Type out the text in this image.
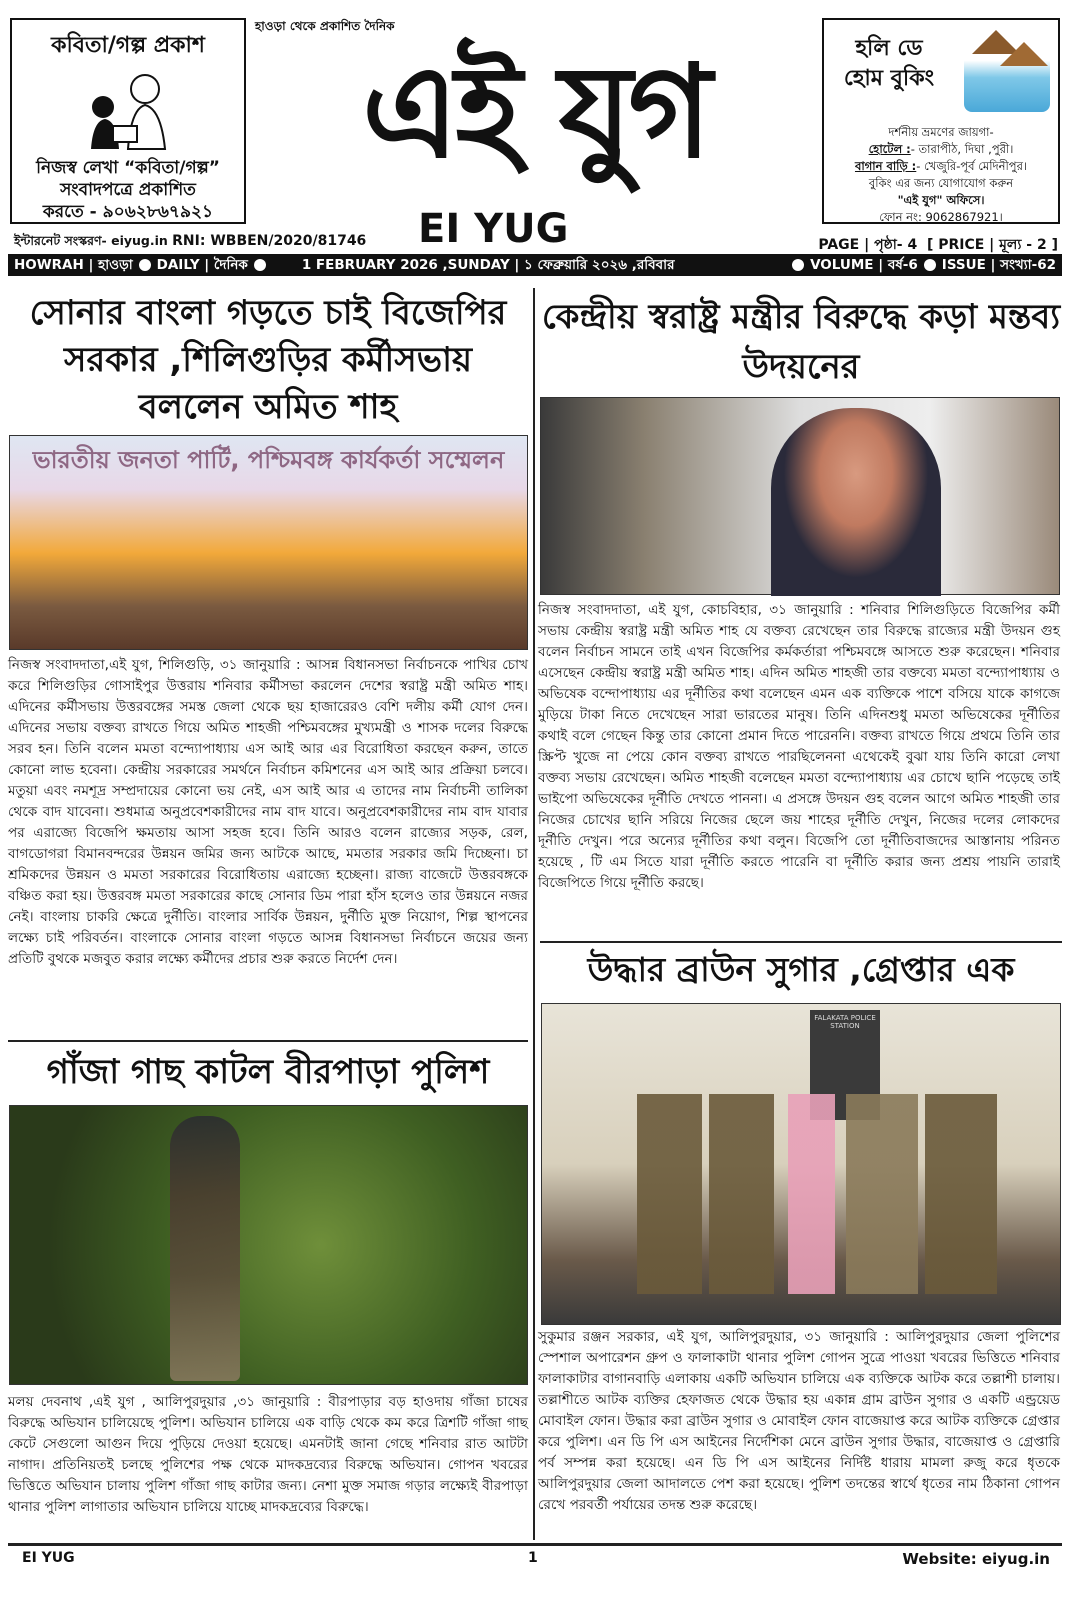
কবিতা/গল্প প্রকাশ
নিজস্ব লেখা “কবিতা/গল্প”
সংবাদপত্রে প্রকাশিত
করতে - ৯০৬২৮৬৭৯২১
হাওড়া থেকে প্রকাশিত দৈনিক
এই যুগ
EI YUG
হলি ডে
হোম বুকিং
দর্শনীয় ভ্রমণের জায়গা-
হোটেল :- তারাপীঠ, দিঘা ,পুরী।
বাগান বাড়ি :- খেজুরি-পূর্ব মেদিনীপুর।
বুকিং এর জন্য যোগাযোগ করুন
"এই যুগ" অফিসে।
ফোন নং: 9062867921।
ইন্টারনেট সংস্করণ- eiyug.in RNI: WBBEN/2020/81746	PAGE | পৃষ্ঠা- 4 [ PRICE | মূল্য - 2 ]
HOWRAH | হাওড়া DAILY | দৈনিক	1 FEBRUARY 2026 ,SUNDAY | ১ ফেব্রুয়ারি ২০২৬ ,রবিবার	VOLUME | বর্ষ-6 ISSUE | সংখ্যা-62
সোনার বাংলা গড়তে চাই বিজেপির সরকার ,শিলিগুড়ির কর্মীসভায় বললেন অমিত শাহ
ভারতীয় জনতা পার্টি, পশ্চিমবঙ্গ কার্যকর্তা সম্মেলন
নিজস্ব সংবাদদাতা,এই যুগ, শিলিগুড়ি, ৩১ জানুয়ারি : আসন্ন বিধানসভা নির্বাচনকে পাখির চোখ করে শিলিগুড়ির গোসাইপুর উত্তরায় শনিবার কর্মীসভা করলেন দেশের স্বরাষ্ট্র মন্ত্রী অমিত শাহ। এদিনের কর্মীসভায় উত্তরবঙ্গের সমস্ত জেলা থেকে ছয় হাজারেরও বেশি দলীয় কর্মী যোগ দেন। এদিনের সভায় বক্তব্য রাখতে গিয়ে অমিত শাহজী পশ্চিমবঙ্গের মুখ্যমন্ত্রী ও শাসক দলের বিরুদ্ধে সরব হন। তিনি বলেন মমতা বন্দ্যোপাধ্যায় এস আই আর এর বিরোধিতা করছেন করুন, তাতে কোনো লাভ হবেনা। কেন্দ্রীয় সরকারের সমর্থনে নির্বাচন কমিশনের এস আই আর প্রক্রিয়া চলবে। মতুয়া এবং নমশূদ্র সম্প্রদায়ের কোনো ভয় নেই, এস আই আর এ তাদের নাম নির্বাচনী তালিকা থেকে বাদ যাবেনা। শুধমাত্র অনুপ্রবেশকারীদের নাম বাদ যাবে। অনুপ্রবেশকারীদের নাম বাদ যাবার পর এরাজ্যে বিজেপি ক্ষমতায় আসা সহজ হবে। তিনি আরও বলেন রাজ্যের সড়ক, রেল, বাগডোগরা বিমানবন্দরের উন্নয়ন জমির জন্য আটকে আছে, মমতার সরকার জমি দিচ্ছেনা। চা শ্রমিকদের উন্নয়ন ও মমতা সরকারের বিরোধিতায় এরাজ্যে হচ্ছেনা। রাজ্য বাজেটে উত্তরবঙ্গকে বঞ্চিত করা হয়। উত্তরবঙ্গ মমতা সরকারের কাছে সোনার ডিম পারা হাঁস হলেও তার উন্নয়নে নজর নেই। বাংলায় চাকরি ক্ষেত্রে দুর্নীতি। বাংলার সার্বিক উন্নয়ন, দুর্নীতি মুক্ত নিয়োগ, শিল্প স্থাপনের লক্ষ্যে চাই পরিবর্তন। বাংলাকে সোনার বাংলা গড়তে আসন্ন বিধানসভা নির্বাচনে জয়ের জন্য প্রতিটি বুথকে মজবুত করার লক্ষ্যে কর্মীদের প্রচার শুরু করতে নির্দেশ দেন।
গাঁজা গাছ কাটল বীরপাড়া পুলিশ
মলয় দেবনাথ ,এই যুগ , আলিপুরদুয়ার ,৩১ জানুয়ারি : বীরপাড়ার বড় হাওদায় গাঁজা চাষের বিরুদ্ধে অভিযান চালিয়েছে পুলিশ। অভিযান চালিয়ে এক বাড়ি থেকে কম করে ত্রিশটি গাঁজা গাছ কেটে সেগুলো আগুন দিয়ে পুড়িয়ে দেওয়া হয়েছে। এমনটাই জানা গেছে শনিবার রাত আটটা নাগাদ। প্রতিনিয়তই চলছে পুলিশের পক্ষ থেকে মাদকদ্রব্যের বিরুদ্ধে অভিযান। গোপন খবরের ভিত্তিতে অভিযান চালায় পুলিশ গাঁজা গাছ কাটার জন্য। নেশা মুক্ত সমাজ গড়ার লক্ষ্যেই বীরপাড়া থানার পুলিশ লাগাতার অভিযান চালিয়ে যাচ্ছে মাদকদ্রব্যের বিরুদ্ধে।
কেন্দ্রীয় স্বরাষ্ট্র মন্ত্রীর বিরুদ্ধে কড়া মন্তব্য উদয়নের
নিজস্ব সংবাদদাতা, এই যুগ, কোচবিহার, ৩১ জানুয়ারি : শনিবার শিলিগুড়িতে বিজেপির কর্মী সভায় কেন্দ্রীয় স্বরাষ্ট্র মন্ত্রী অমিত শাহ যে বক্তব্য রেখেছেন তার বিরুদ্ধে রাজ্যের মন্ত্রী উদয়ন গুহ বলেন নির্বাচন সামনে তাই এখন বিজেপির কর্মকর্তারা পশ্চিমবঙ্গে আসতে শুরু করেছেন। শনিবার এসেছেন কেন্দ্রীয় স্বরাষ্ট্র মন্ত্রী অমিত শাহ। এদিন অমিত শাহজী তার বক্তব্যে মমতা বন্দ্যোপাধ্যায় ও অভিষেক বন্দোপাধ্যায় এর দূর্নীতির কথা বলেছেন এমন এক ব্যক্তিকে পাশে বসিয়ে যাকে কাগজে মুড়িয়ে টাকা নিতে দেখেছেন সারা ভারতের মানুষ। তিনি এদিনশুধু মমতা অভিষেকের দূর্নীতির কথাই বলে গেছেন কিন্তু তার কোনো প্রমান দিতে পারেননি। বক্তব্য রাখতে গিয়ে প্রথমে তিনি তার স্ক্রিপ্ট খুজে না পেয়ে কোন বক্তব্য রাখতে পারছিলেননা এথেকেই বুঝা যায় তিনি কারো লেখা বক্তব্য সভায় রেখেছেন। অমিত শাহজী বলেছেন মমতা বন্দ্যোপাধ্যায় এর চোখে ছানি পড়েছে তাই ভাইপো অভিষেকের দূর্নীতি দেখতে পাননা। এ প্রসঙ্গে উদয়ন গুহ বলেন আগে অমিত শাহজী তার নিজের চোখের ছানি সরিয়ে নিজের ছেলে জয় শাহের দূর্নীতি দেখুন, নিজের দলের লোকদের দূর্নীতি দেখুন। পরে অন্যের দূর্নীতির কথা বলুন। বিজেপি তো দূর্নীতিবাজদের আস্তানায় পরিনত হয়েছে , টি এম সিতে যারা দূর্নীতি করতে পারেনি বা দূর্নীতি করার জন্য প্রশ্রয় পায়নি তারাই বিজেপিতে গিয়ে দূর্নীতি করছে।
উদ্ধার ব্রাউন সুগার ,গ্রেপ্তার এক
FALAKATA POLICE STATION
সুকুমার রঞ্জন সরকার, এই যুগ, আলিপুরদুয়ার, ৩১ জানুয়ারি : আলিপুরদুয়ার জেলা পুলিশের স্পেশাল অপারেশন গ্রুপ ও ফালাকাটা থানার পুলিশ গোপন সুত্রে পাওয়া খবরের ভিত্তিতে শনিবার ফালাকাটার বাগানবাড়ি এলাকায় একটি অভিযান চালিয়ে এক ব্যক্তিকে আটক করে তল্লাশী চালায়। তল্লাশীতে আটক ব্যক্তির হেফাজত থেকে উদ্ধার হয় একান্ন গ্রাম ব্রাউন সুগার ও একটি এন্ড্রয়েড মোবাইল ফোন। উদ্ধার করা ব্রাউন সুগার ও মোবাইল ফোন বাজেয়াপ্ত করে আটক ব্যক্তিকে গ্রেপ্তার করে পুলিশ। এন ডি পি এস আইনের নির্দেশিকা মেনে ব্রাউন সুগার উদ্ধার, বাজেয়াপ্ত ও গ্রেপ্তারি পর্ব সম্পন্ন করা হয়েছে। এন ডি পি এস আইনের নির্দিষ্ট ধারায় মামলা রুজু করে ধৃতকে আলিপুরদুয়ার জেলা আদালতে পেশ করা হয়েছে। পুলিশ তদন্তের স্বার্থে ধৃতের নাম ঠিকানা গোপন রেখে পরবর্তী পর্যায়ের তদন্ত শুরু করেছে।
EI YUG	1	Website: eiyug.in
